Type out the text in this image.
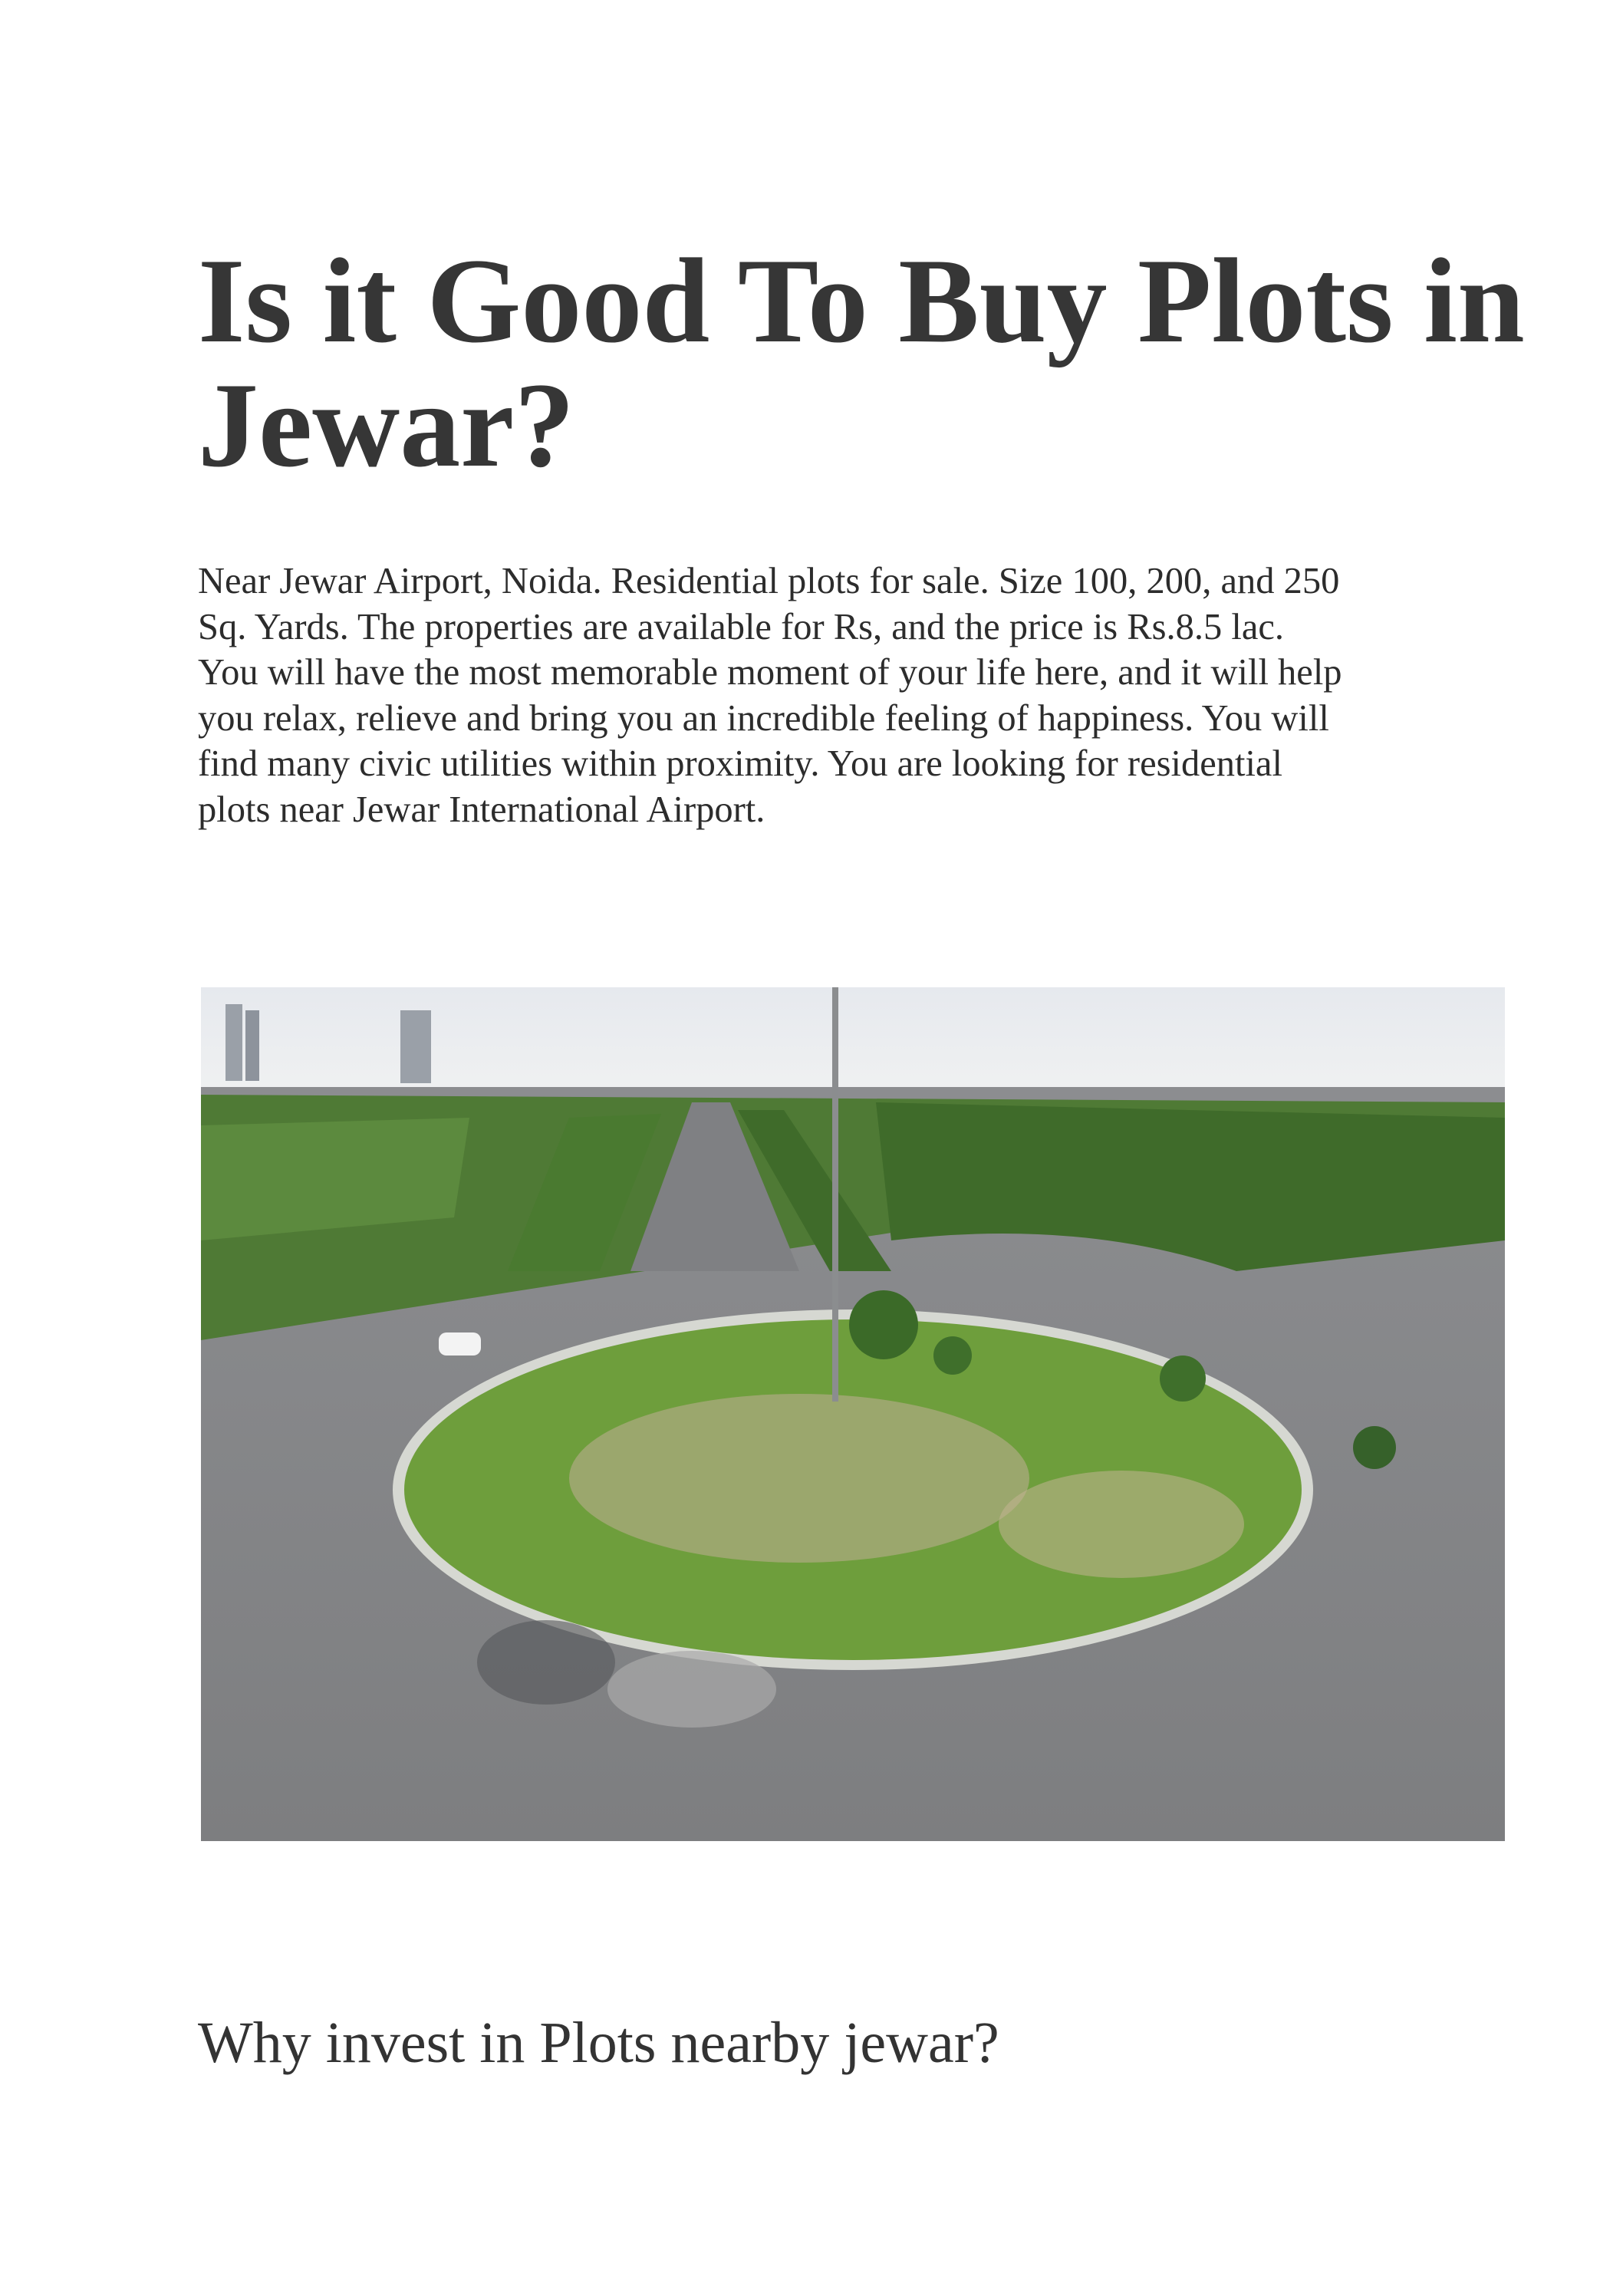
Is it Good To Buy Plots in
Jewar?
Near Jewar Airport, Noida. Residential plots for sale. Size 100, 200, and 250
Sq. Yards. The properties are available for Rs, and the price is Rs.8.5 lac.
You will have the most memorable moment of your life here, and it will help
you relax, relieve and bring you an incredible feeling of happiness. You will
find many civic utilities within proximity. You are looking for residential
plots near Jewar International Airport.
Why invest in Plots nearby jewar?
